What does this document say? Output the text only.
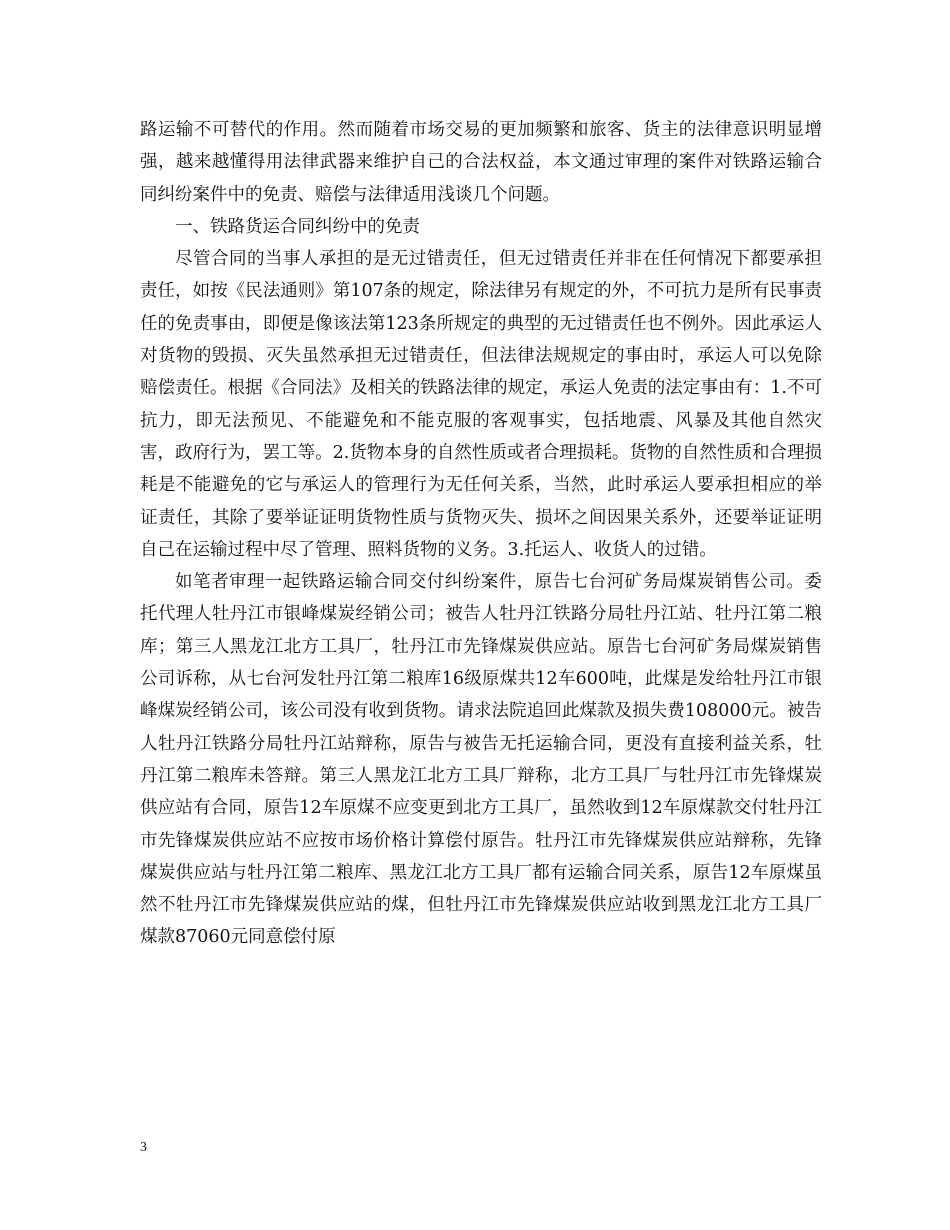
路运输不可替代的作用。然而随着市场交易的更加频繁和旅客、货主的法律意识明显增强，越来越懂得用法律武器来维护自己的合法权益，本文通过审理的案件对铁路运输合同纠纷案件中的免责、赔偿与法律适用浅谈几个问题。

一、铁路货运合同纠纷中的免责

尽管合同的当事人承担的是无过错责任，但无过错责任并非在任何情况下都要承担责任，如按《民法通则》第107条的规定，除法律另有规定的外，不可抗力是所有民事责任的免责事由，即便是像该法第123条所规定的典型的无过错责任也不例外。因此承运人对货物的毁损、灭失虽然承担无过错责任，但法律法规规定的事由时，承运人可以免除赔偿责任。根据《合同法》及相关的铁路法律的规定，承运人免责的法定事由有：1.不可抗力，即无法预见、不能避免和不能克服的客观事实，包括地震、风暴及其他自然灾害，政府行为，罢工等。2.货物本身的自然性质或者合理损耗。货物的自然性质和合理损耗是不能避免的它与承运人的管理行为无任何关系，当然，此时承运人要承担相应的举证责任，其除了要举证证明货物性质与货物灭失、损坏之间因果关系外，还要举证证明自己在运输过程中尽了管理、照料货物的义务。3.托运人、收货人的过错。

如笔者审理一起铁路运输合同交付纠纷案件，原告七台河矿务局煤炭销售公司。委托代理人牡丹江市银峰煤炭经销公司；被告人牡丹江铁路分局牡丹江站、牡丹江第二粮库；第三人黑龙江北方工具厂，牡丹江市先锋煤炭供应站。原告七台河矿务局煤炭销售公司诉称，从七台河发牡丹江第二粮库16级原煤共12车600吨，此煤是发给牡丹江市银峰煤炭经销公司，该公司没有收到货物。请求法院追回此煤款及损失费108000元。被告人牡丹江铁路分局牡丹江站辩称，原告与被告无托运输合同，更没有直接利益关系，牡丹江第二粮库未答辩。第三人黑龙江北方工具厂辩称，北方工具厂与牡丹江市先锋煤炭供应站有合同，原告12车原煤不应变更到北方工具厂，虽然收到12车原煤款交付牡丹江市先锋煤炭供应站不应按市场价格计算偿付原告。牡丹江市先锋煤炭供应站辩称，先锋煤炭供应站与牡丹江第二粮库、黑龙江北方工具厂都有运输合同关系，原告12车原煤虽然不牡丹江市先锋煤炭供应站的煤，但牡丹江市先锋煤炭供应站收到黑龙江北方工具厂煤款87060元同意偿付原

3
